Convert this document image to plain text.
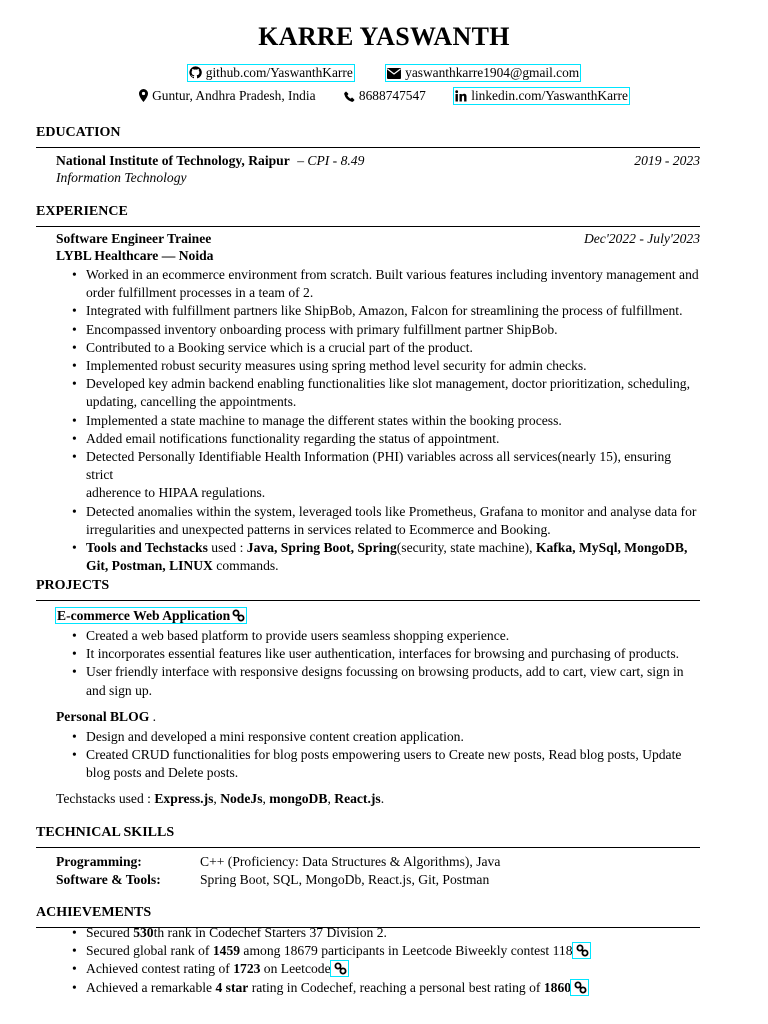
KARRE YASWANTH
github.com/YaswanthKarre	yaswanthkarre1904@gmail.com
Guntur, Andhra Pradesh, India	8688747547	linkedin.com/YaswanthKarre
EDUCATION
National Institute of Technology, Raipur – CPI - 8.49	2019 - 2023
Information Technology
EXPERIENCE
Software Engineer Trainee	Dec'2022 - July'2023
LYBL Healthcare — Noida
• Worked in an ecommerce environment from scratch. Built various features including inventory management and
order fulfillment processes in a team of 2.
• Integrated with fulfillment partners like ShipBob, Amazon, Falcon for streamlining the process of fulfillment.
• Encompassed inventory onboarding process with primary fulfillment partner ShipBob.
• Contributed to a Booking service which is a crucial part of the product.
• Implemented robust security measures using spring method level security for admin checks.
• Developed key admin backend enabling functionalities like slot management, doctor prioritization, scheduling,
updating, cancelling the appointments.
• Implemented a state machine to manage the different states within the booking process.
• Added email notifications functionality regarding the status of appointment.
• Detected Personally Identifiable Health Information (PHI) variables across all services(nearly 15), ensuring strict
adherence to HIPAA regulations.
• Detected anomalies within the system, leveraged tools like Prometheus, Grafana to monitor and analyse data for
irregularities and unexpected patterns in services related to Ecommerce and Booking.
• Tools and Techstacks used : Java, Spring Boot, Spring(security, state machine), Kafka, MySql, MongoDB,
Git, Postman, LINUX commands.
PROJECTS
E-commerce Web Application
• Created a web based platform to provide users seamless shopping experience.
• It incorporates essential features like user authentication, interfaces for browsing and purchasing of products.
• User friendly interface with responsive designs focussing on browsing products, add to cart, view cart, sign in
and sign up.
Personal BLOG .
• Design and developed a mini responsive content creation application.
• Created CRUD functionalities for blog posts empowering users to Create new posts, Read blog posts, Update
blog posts and Delete posts.
Techstacks used : Express.js, NodeJs, mongoDB, React.js.
TECHNICAL SKILLS
Programming:	C++ (Proficiency: Data Structures & Algorithms), Java
Software & Tools:	Spring Boot, SQL, MongoDb, React.js, Git, Postman
ACHIEVEMENTS
• Secured 530th rank in Codechef Starters 37 Division 2.
• Secured global rank of 1459 among 18679 participants in Leetcode Biweekly contest 118
• Achieved contest rating of 1723 on Leetcode
• Achieved a remarkable 4 star rating in Codechef, reaching a personal best rating of 1860
